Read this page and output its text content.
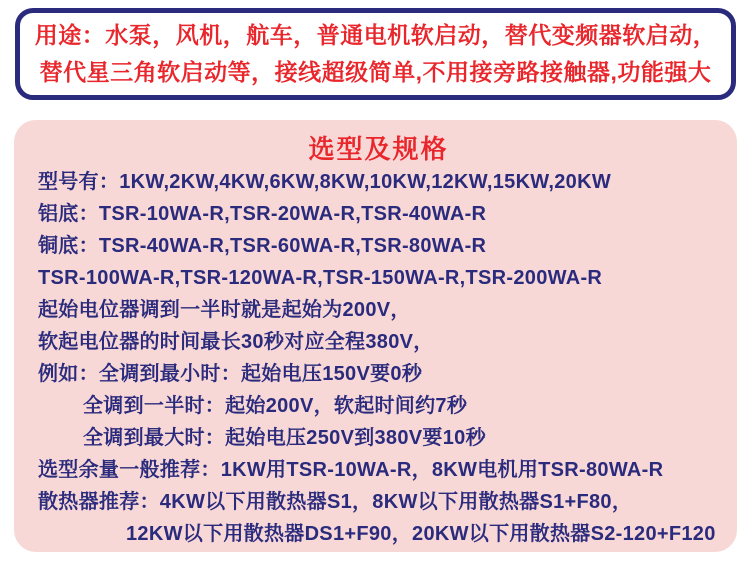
用途：水泵，风机，航车，普通电机软启动，替代变频器软启动，
替代星三角软启动等，接线超级简单,不用接旁路接触器,功能强大
选型及规格
型号有：1KW,2KW,4KW,6KW,8KW,10KW,12KW,15KW,20KW
铝底：TSR-10WA-R,TSR-20WA-R,TSR-40WA-R
铜底：TSR-40WA-R,TSR-60WA-R,TSR-80WA-R
TSR-100WA-R,TSR-120WA-R,TSR-150WA-R,TSR-200WA-R
起始电位器调到一半时就是起始为200V，
软起电位器的时间最长30秒对应全程380V，
例如：全调到最小时：起始电压150V要0秒
全调到一半时：起始200V，软起时间约7秒
全调到最大时：起始电压250V到380V要10秒
选型余量一般推荐：1KW用TSR-10WA-R，8KW电机用TSR-80WA-R
散热器推荐：4KW以下用散热器S1，8KW以下用散热器S1+F80，
12KW以下用散热器DS1+F90，20KW以下用散热器S2-120+F120
